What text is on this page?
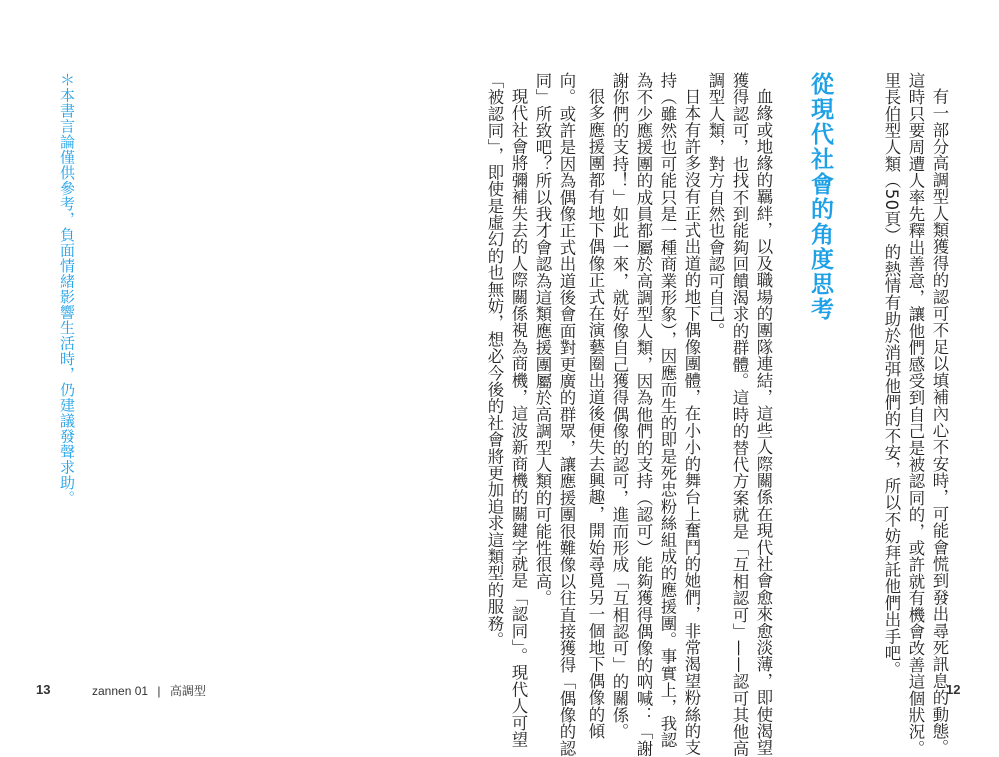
有一部分高調型人類獲得的認可不足以填補內心不安時，可能會慌到發出尋死訊息的動態。
這時只要周遭人率先釋出善意，讓他們感受到自己是被認同的，或許就有機會改善這個狀況。
里長伯型人類（50頁）的熱情有助於消弭他們的不安，所以不妨拜託他們出手吧。
從現代社會的角度思考
血緣或地緣的羈絆，以及職場的團隊連結，這些人際關係在現代社會愈來愈淡薄，即使渴望
獲得認可，也找不到能夠回饋渴求的群體。這時的替代方案就是「互相認可」——認可其他高
調型人類，對方自然也會認可自己。
日本有許多沒有正式出道的地下偶像團體，在小小的舞台上奮鬥的她們，非常渴望粉絲的支
持（雖然也可能只是一種商業形象），因應而生的即是死忠粉絲組成的應援團。事實上，我認
為不少應援團的成員都屬於高調型人類，因為他們的支持（認可）能夠獲得偶像的吶喊：「謝
謝你們的支持！」如此一來，就好像自己獲得偶像的認可，進而形成「互相認可」的關係。
很多應援團都有地下偶像正式在演藝圈出道後便失去興趣，開始尋覓另一個地下偶像的傾	12
向。或許是因為偶像正式出道後會面對更廣的群眾，讓應援團很難像以往直接獲得「偶像的認
同」所致吧？所以我才會認為這類應援團屬於高調型人類的可能性很高。
現代社會將彌補失去的人際關係視為商機，這波新商機的關鍵字就是「認同」。現代人可望
「被認同」，即使是虛幻的也無妨，想必今後的社會將更加追求這類型的服務。
＊本書言論僅供參考，負面情緒影響生活時，仍建議發聲求助。
13	zannen 01 | 高調型
